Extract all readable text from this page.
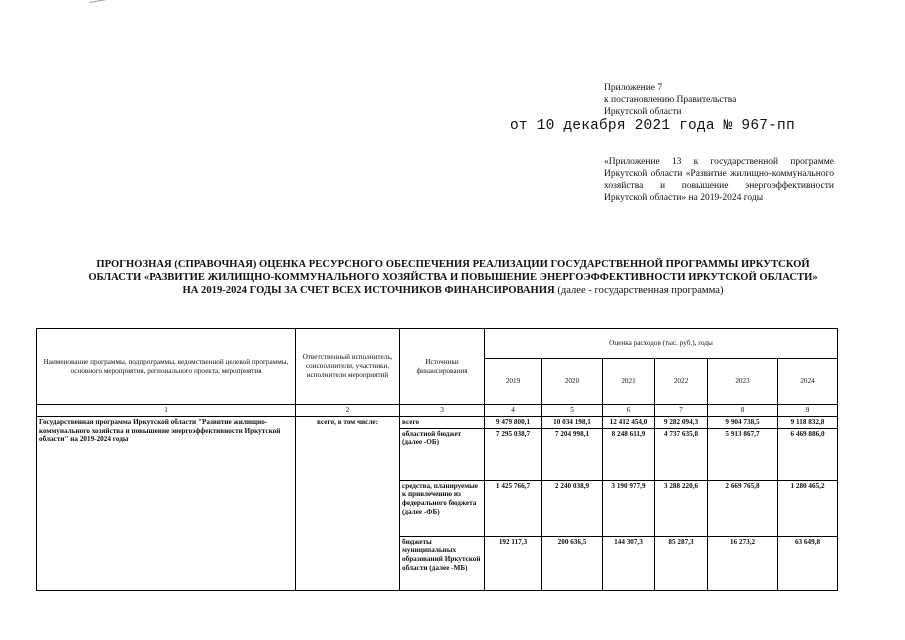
Приложение 7
к постановлению Правительства
Иркутской области
от 10 декабря 2021 года № 967-пп
«Приложение 13 к государственной программе Иркутской области «Развитие жилищно-коммунального хозяйства и повышение энергоэффективности Иркутской области» на 2019-2024 годы
ПРОГНОЗНАЯ (СПРАВОЧНАЯ) ОЦЕНКА РЕСУРСНОГО ОБЕСПЕЧЕНИЯ РЕАЛИЗАЦИИ ГОСУДАРСТВЕННОЙ ПРОГРАММЫ ИРКУТСКОЙ
ОБЛАСТИ «РАЗВИТИЕ ЖИЛИЩНО-КОММУНАЛЬНОГО ХОЗЯЙСТВА И ПОВЫШЕНИЕ ЭНЕРГОЭФФЕКТИВНОСТИ ИРКУТСКОЙ ОБЛАСТИ»
НА 2019-2024 ГОДЫ ЗА СЧЕТ ВСЕХ ИСТОЧНИКОВ ФИНАНСИРОВАНИЯ (далее - государственная программа)
Наименование программы, подпрограммы, ведомственной целевой программы, основного мероприятия, регионального проекта, мероприятия	Ответственный исполнитель, соисполнители, участники, исполнители мероприятий	Источники финансирования	Оценка расходов (тыс. руб.), годы					
			2019	2020	2021	2022	2023	2024
1	2	3	4	5	6	7	8	9
Государственная программа Иркутской области "Развитие жилищно-коммунального хозяйства и повышение энергоэффективности Иркутской области" на 2019-2024 годы	всего, в том числе:	всего	9 479 800,1	10 034 198,1	12 412 454,0	9 282 094,3	9 904 738,5	9 118 832,8
		областной бюджет (далее -ОБ)	7 295 038,7	7 204 998,1	8 248 611,9	4 737 635,8	5 913 867,7	6 469 886,0
		средства, планируемые к привлечению из федерального бюджета (далее -ФБ)	1 425 766,7	2 240 038,9	3 190 977,9	3 288 220,6	2 669 765,8	1 280 465,2
		бюджеты муниципальных образований Иркутской области (далее -МБ)	192 117,3	200 636,5	144 307,3	85 287,3	16 273,2	63 649,8
